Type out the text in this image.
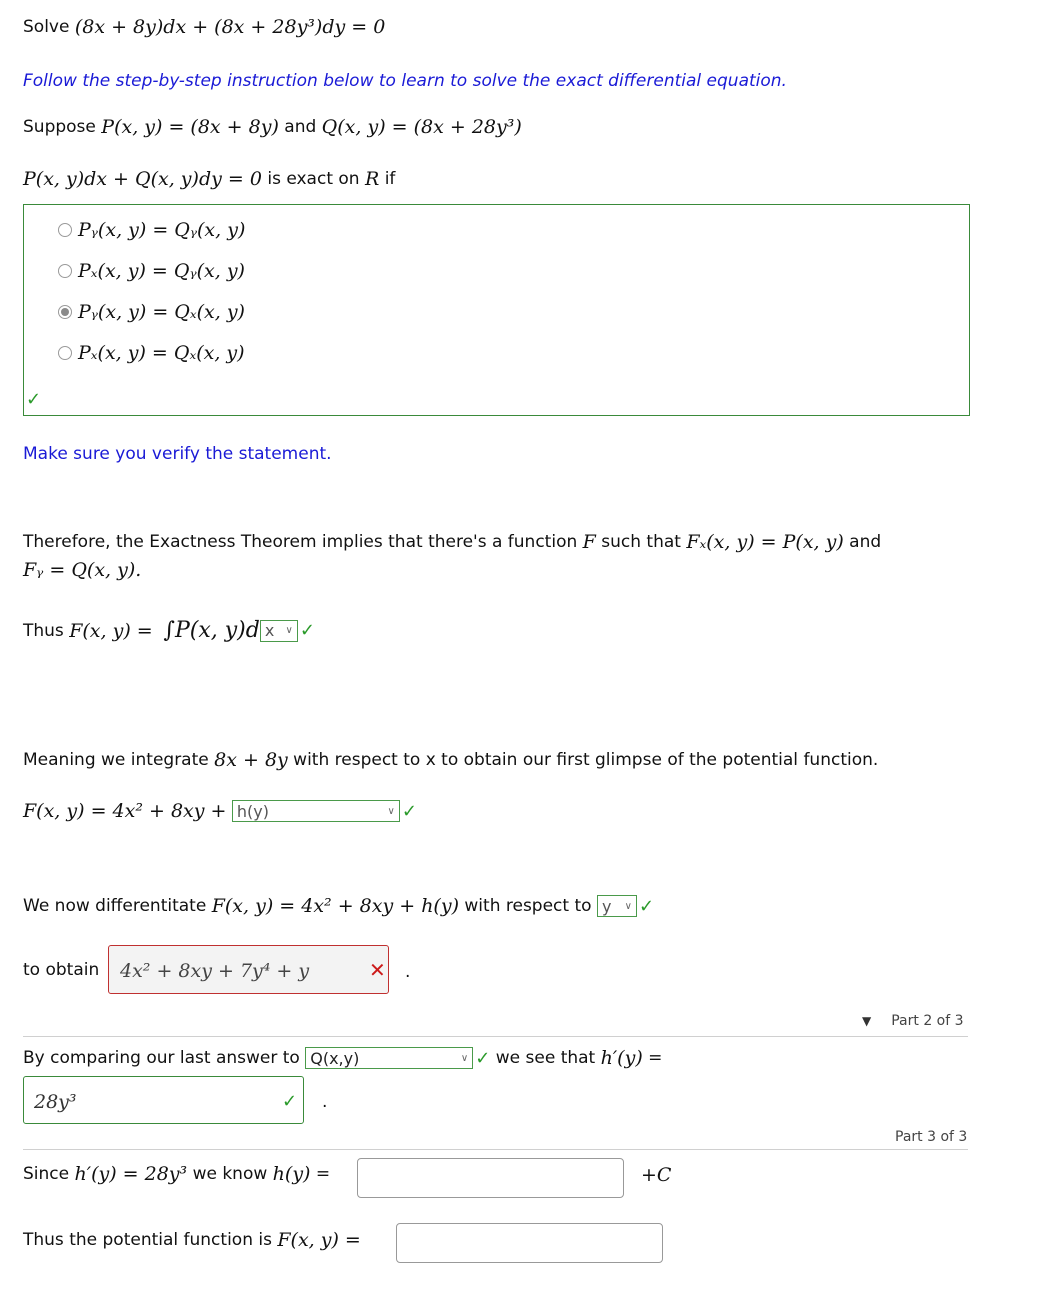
Solve
(8x + 8y)dx + (8x + 28y³)dy = 0
Follow the step-by-step instruction below to learn to solve the exact differential equation.
Suppose
P(x, y) = (8x + 8y)
and
Q(x, y) = (8x + 28y³)
P(x, y)dx + Q(x, y)dy = 0
is exact on
R
if
Pᵧ(x, y) = Qᵧ(x, y)
Pₓ(x, y) = Qᵧ(x, y)
Pᵧ(x, y) = Qₓ(x, y)
Pₓ(x, y) = Qₓ(x, y)
✓
Make sure you verify the statement.
Therefore, the Exactness Theorem implies that there's a function
F
such that
Fₓ(x, y) = P(x, y)
and
Fᵧ = Q(x, y).
Thus
F(x, y) =
∫P(x, y)d x ∨ ✓
Meaning we integrate
8x + 8y
with respect to x to obtain our first glimpse of the potential function.
F(x, y) = 4x² + 8xy +
h(y)	∨ ✓
We now differentitate
F(x, y) = 4x² + 8xy + h(y)
with respect to
y ∨ ✓
to obtain 4x² + 8xy + 7y⁴ + y	✕ .
▼ Part 2 of 3
By comparing our last answer to
Q(x,y)	∨ ✓
we see that
h′(y)
=
28y³	✓ .
Part 3 of 3
Since
h′(y) = 28y³
we know
h(y)
=	+C
Thus the potential function is
F(x, y) =
